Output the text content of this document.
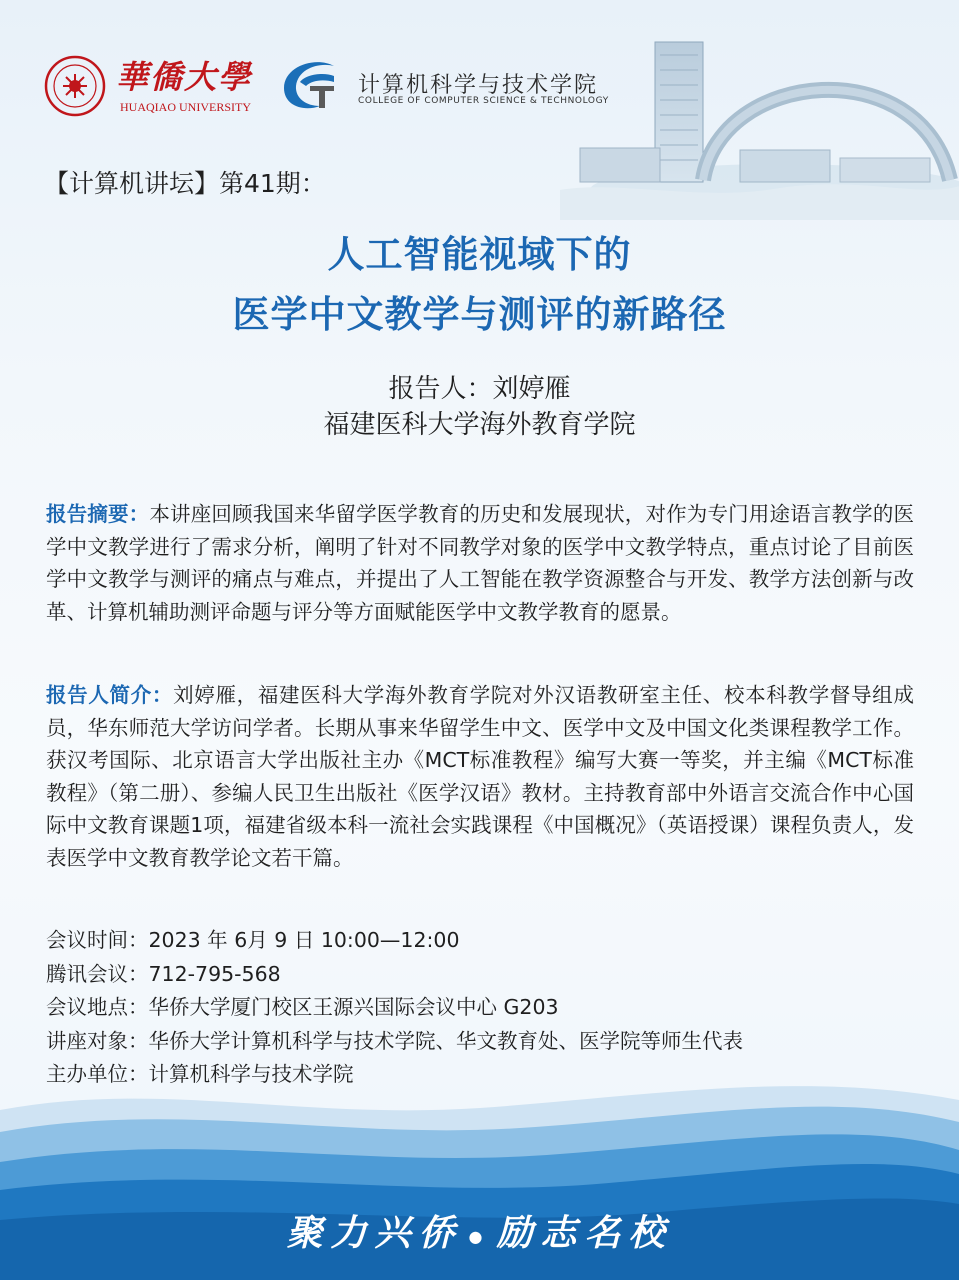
華僑大學
HUAQIAO UNIVERSITY
计算机科学与技术学院
COLLEGE OF COMPUTER SCIENCE & TECHNOLOGY
【计算机讲坛】第41期：
人工智能视域下的
医学中文教学与测评的新路径
报告人：刘婷雁
福建医科大学海外教育学院
报告摘要：本讲座回顾我国来华留学医学教育的历史和发展现状，对作为专门用途语言教学的医学中文教学进行了需求分析，阐明了针对不同教学对象的医学中文教学特点，重点讨论了目前医学中文教学与测评的痛点与难点，并提出了人工智能在教学资源整合与开发、教学方法创新与改革、计算机辅助测评命题与评分等方面赋能医学中文教学教育的愿景。
报告人简介：刘婷雁，福建医科大学海外教育学院对外汉语教研室主任、校本科教学督导组成员，华东师范大学访问学者。长期从事来华留学生中文、医学中文及中国文化类课程教学工作。获汉考国际、北京语言大学出版社主办《MCT标准教程》编写大赛一等奖，并主编《MCT标准教程》（第二册）、参编人民卫生出版社《医学汉语》教材。主持教育部中外语言交流合作中心国际中文教育课题1项，福建省级本科一流社会实践课程《中国概况》（英语授课）课程负责人，发表医学中文教育教学论文若干篇。
会议时间：2023 年 6月 9 日 10:00—12:00
腾讯会议：712-795-568
会议地点：华侨大学厦门校区王源兴国际会议中心 G203
讲座对象：华侨大学计算机科学与技术学院、华文教育处、医学院等师生代表
主办单位：计算机科学与技术学院
聚力兴侨 ● 励志名校
